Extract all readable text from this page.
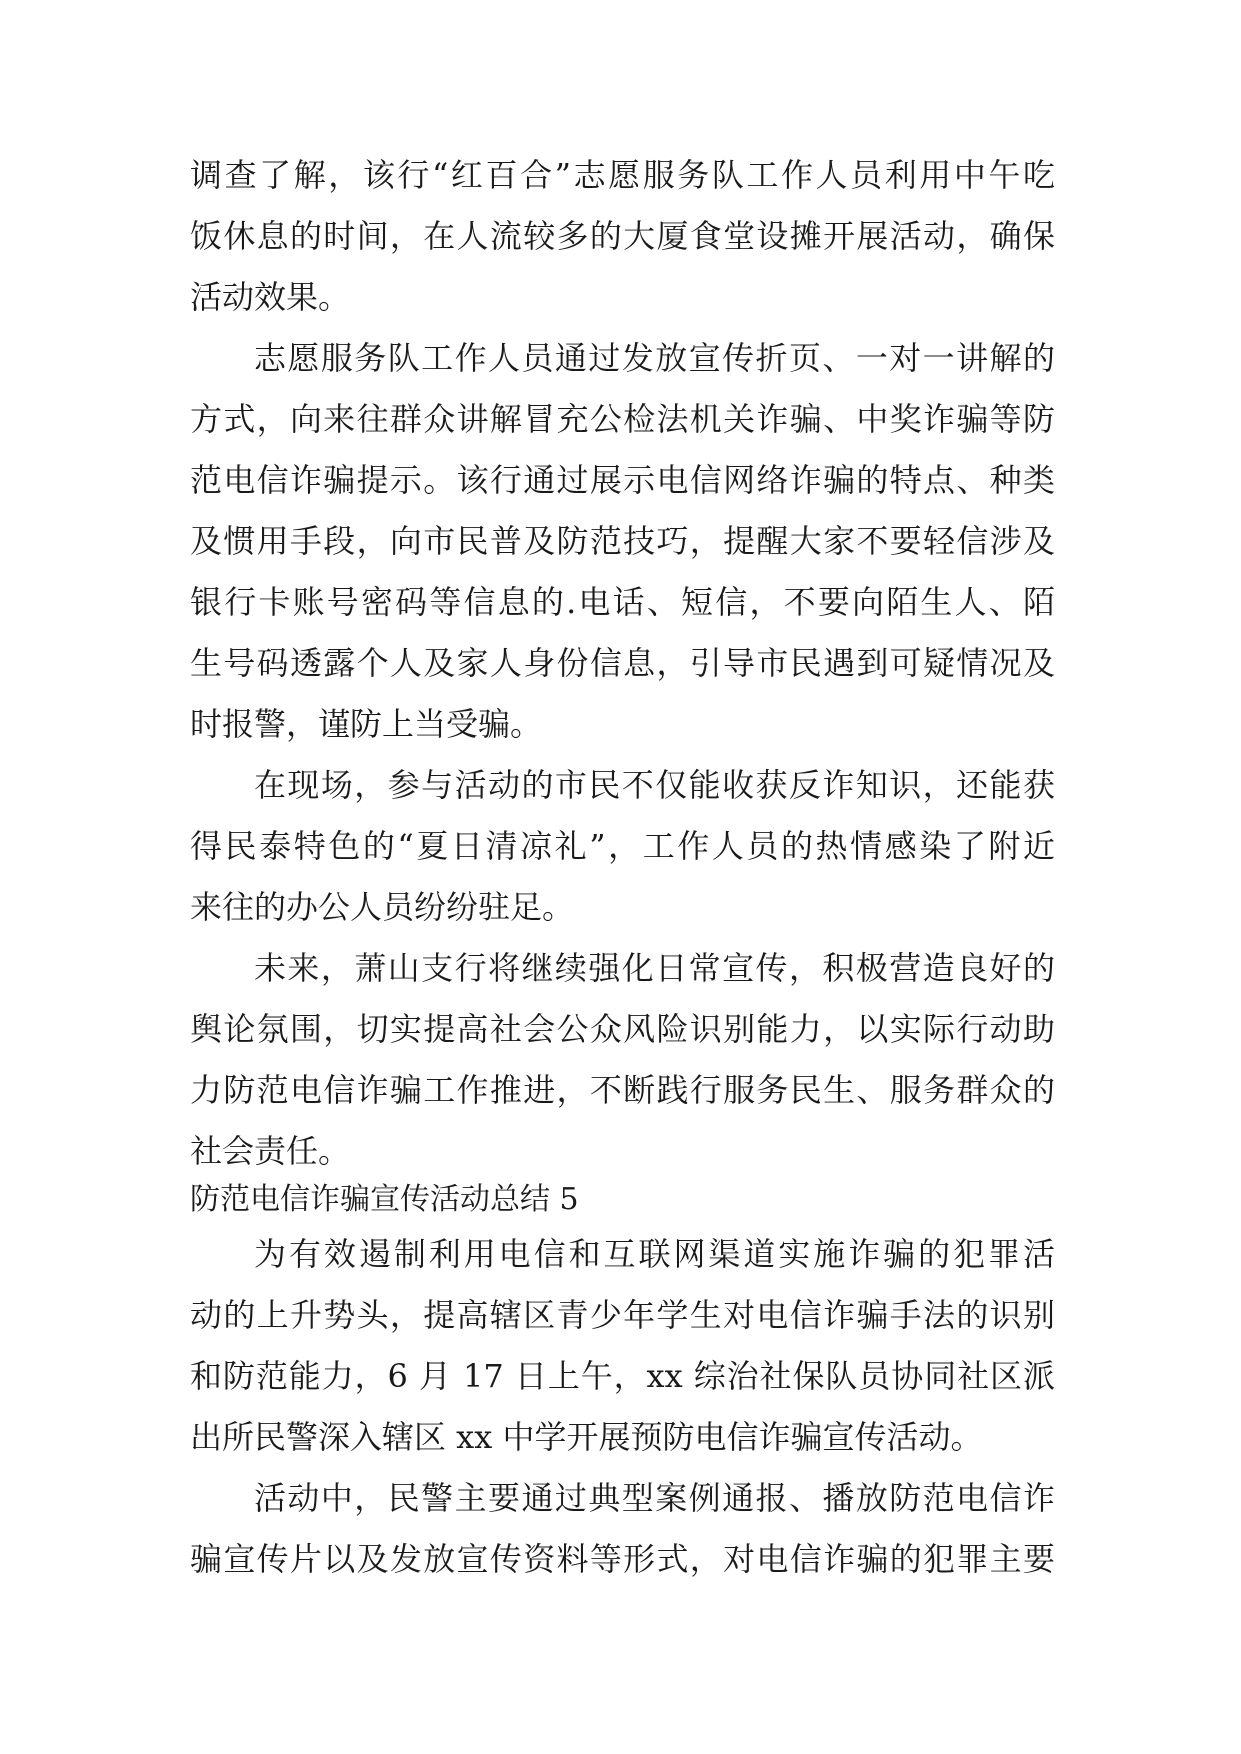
调查了解，该行“红百合”志愿服务队工作人员利用中午吃
饭休息的时间，在人流较多的大厦食堂设摊开展活动，确保
活动效果。
志愿服务队工作人员通过发放宣传折页、一对一讲解的
方式，向来往群众讲解冒充公检法机关诈骗、中奖诈骗等防
范电信诈骗提示。该行通过展示电信网络诈骗的特点、种类
及惯用手段，向市民普及防范技巧，提醒大家不要轻信涉及
银行卡账号密码等信息的.电话、短信，不要向陌生人、陌
生号码透露个人及家人身份信息，引导市民遇到可疑情况及
时报警，谨防上当受骗。
在现场，参与活动的市民不仅能收获反诈知识，还能获
得民泰特色的“夏日清凉礼”，工作人员的热情感染了附近
来往的办公人员纷纷驻足。
未来，萧山支行将继续强化日常宣传，积极营造良好的
舆论氛围，切实提高社会公众风险识别能力，以实际行动助
力防范电信诈骗工作推进，不断践行服务民生、服务群众的
社会责任。
防范电信诈骗宣传活动总结 5
为有效遏制利用电信和互联网渠道实施诈骗的犯罪活
动的上升势头，提高辖区青少年学生对电信诈骗手法的识别
和防范能力，6 月 17 日上午，xx 综治社保队员协同社区派
出所民警深入辖区 xx 中学开展预防电信诈骗宣传活动。
活动中，民警主要通过典型案例通报、播放防范电信诈
骗宣传片以及发放宣传资料等形式，对电信诈骗的犯罪主要
